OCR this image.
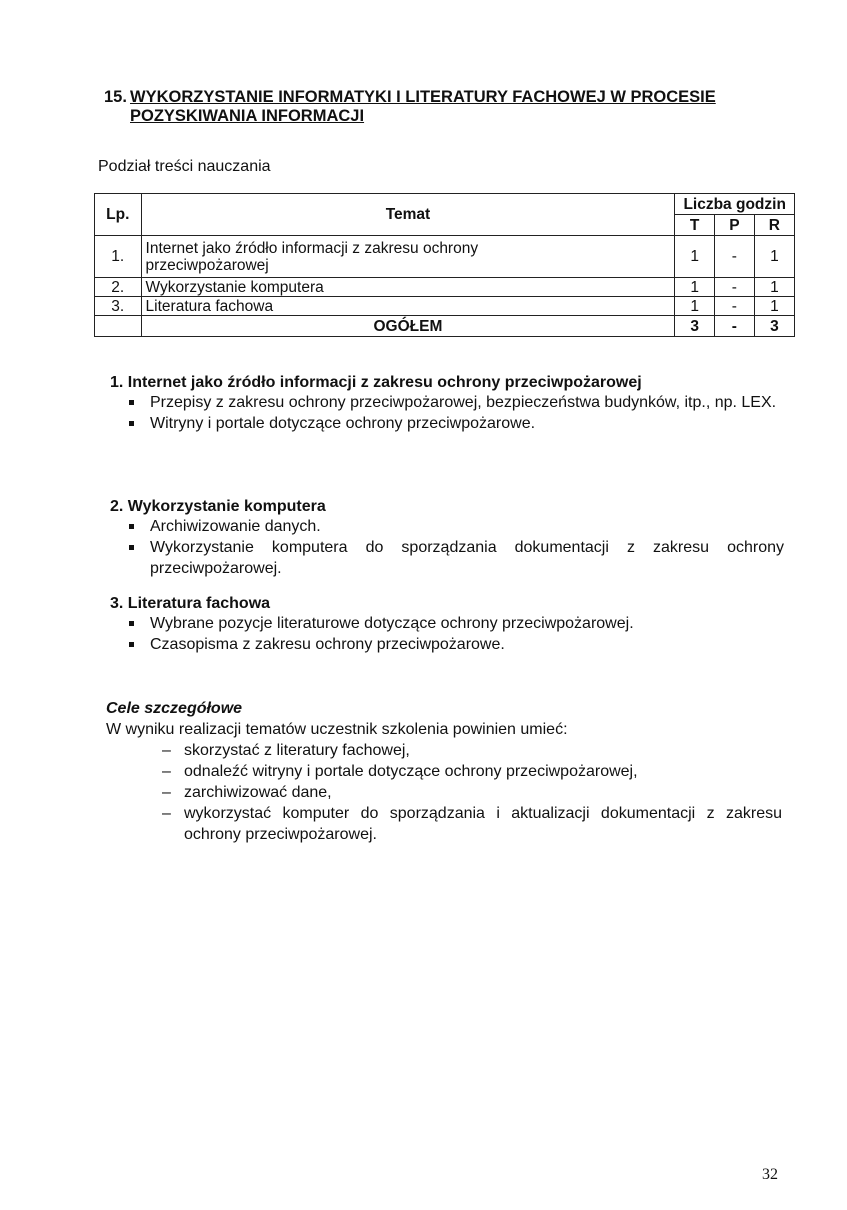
15. WYKORZYSTANIE INFORMATYKI I LITERATURY FACHOWEJ W PROCESIE
POZYSKIWANIA INFORMACJI
Podział treści nauczania
Lp.	Temat	Liczba godzin		
		T	P	R
1.	Internet jako źródło informacji z zakresu ochrony przeciwpożarowej	1	-	1
2.	Wykorzystanie komputera	1	-	1
3.	Literatura fachowa	1	-	1
	OGÓŁEM	3	-	3
1. Internet jako źródło informacji z zakresu ochrony przeciwpożarowej
Przepisy z zakresu ochrony przeciwpożarowej, bezpieczeństwa budynków, itp., np. LEX.
Witryny i portale dotyczące ochrony przeciwpożarowe.
2. Wykorzystanie komputera
Archiwizowanie danych.
Wykorzystanie komputera do sporządzania dokumentacji z zakresu ochrony przeciwpożarowej.
3. Literatura fachowa
Wybrane pozycje literaturowe dotyczące ochrony przeciwpożarowej.
Czasopisma z zakresu ochrony przeciwpożarowe.
Cele szczegółowe
W wyniku realizacji tematów uczestnik szkolenia powinien umieć:
– skorzystać z literatury fachowej,
– odnaleźć witryny i portale dotyczące ochrony przeciwpożarowej,
– zarchiwizować dane,
– wykorzystać komputer do sporządzania i aktualizacji dokumentacji z zakresu ochrony przeciwpożarowej.
32
